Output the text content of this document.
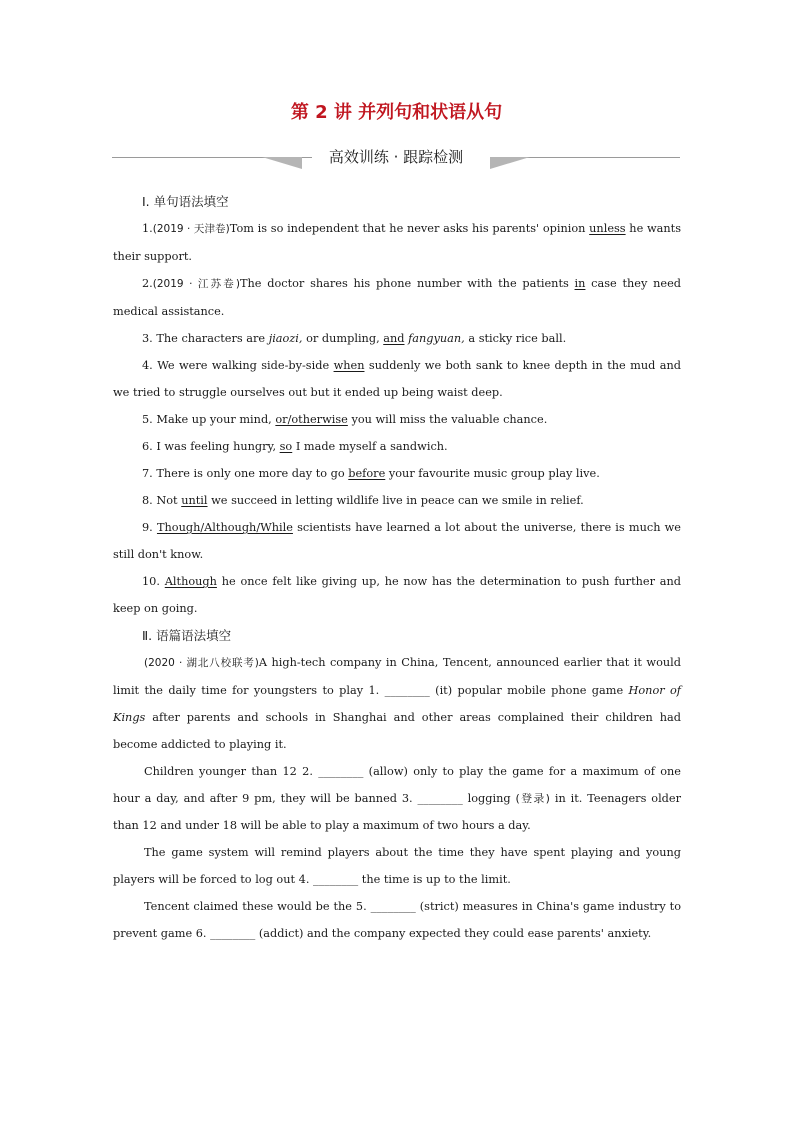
第 2 讲 并列句和状语从句
高效训练 · 跟踪检测

Ⅰ. 单句语法填空

1.(2019 · 天津卷)Tom is so independent that he never asks his parents' opinion unless he wants their support.

2.(2019 · 江苏卷)The doctor shares his phone number with the patients in case they need medical assistance.

3. The characters are jiaozi, or dumpling, and fangyuan, a sticky rice ball.

4. We were walking side-by-side when suddenly we both sank to knee depth in the mud and we tried to struggle ourselves out but it ended up being waist deep.

5. Make up your mind, or/otherwise you will miss the valuable chance.

6. I was feeling hungry, so I made myself a sandwich.

7. There is only one more day to go before your favourite music group play live.

8. Not until we succeed in letting wildlife live in peace can we smile in relief.

9. Though/Although/While scientists have learned a lot about the universe, there is much we still don't know.

10. Although he once felt like giving up, he now has the determination to push further and keep on going.

Ⅱ. 语篇语法填空

(2020 · 湖北八校联考)A high-tech company in China, Tencent, announced earlier that it would limit the daily time for youngsters to play 1. ________ (it) popular mobile phone game Honor of Kings after parents and schools in Shanghai and other areas complained their children had become addicted to playing it.

Children younger than 12 2. ________ (allow) only to play the game for a maximum of one hour a day, and after 9 pm, they will be banned 3. ________ logging (登录) in it. Teenagers older than 12 and under 18 will be able to play a maximum of two hours a day.

The game system will remind players about the time they have spent playing and young players will be forced to log out 4. ________ the time is up to the limit.

Tencent claimed these would be the 5. ________ (strict) measures in China's game industry to prevent game 6. ________ (addict) and the company expected they could ease parents' anxiety.
